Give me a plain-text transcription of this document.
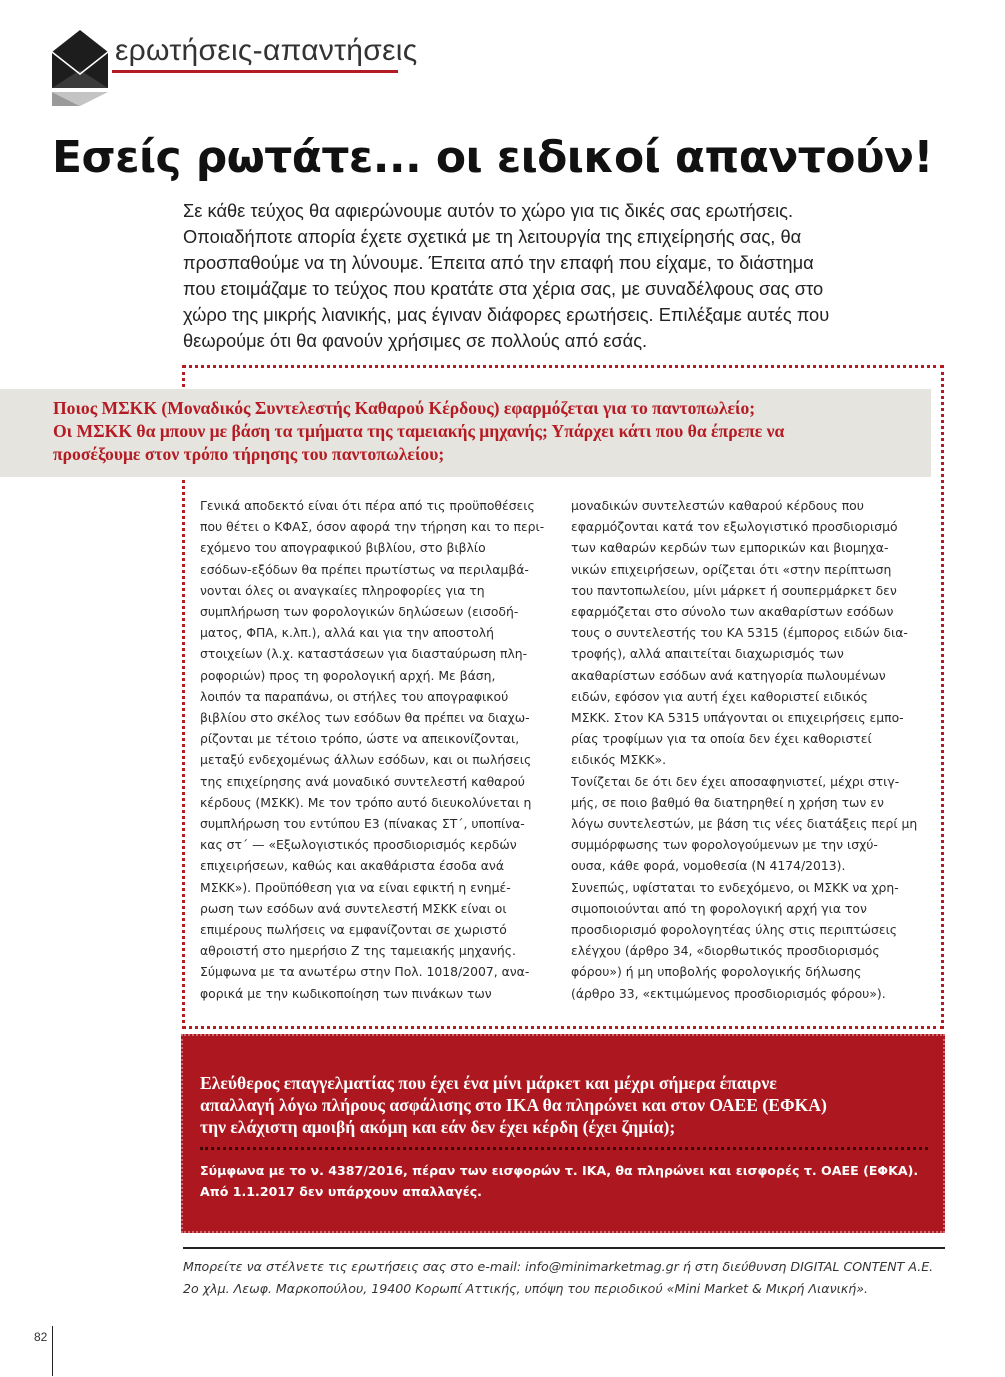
ερωτήσεις-απαντήσεις
Εσείς ρωτάτε... οι ειδικοί απαντούν!
Σε κάθε τεύχος θα αφιερώνουμε αυτόν το χώρο για τις δικές σας ερωτήσεις.
Οποιαδήποτε απορία έχετε σχετικά με τη λειτουργία της επιχείρησής σας, θα
προσπαθούμε να τη λύνουμε. Έπειτα από την επαφή που είχαμε, το διάστημα
που ετοιμάζαμε το τεύχος που κρατάτε στα χέρια σας, με συναδέλφους σας στο
χώρο της μικρής λιανικής, μας έγιναν διάφορες ερωτήσεις. Επιλέξαμε αυτές που
θεωρούμε ότι θα φανούν χρήσιμες σε πολλούς από εσάς.
Ποιος ΜΣΚΚ (Μοναδικός Συντελεστής Καθαρού Κέρδους) εφαρμόζεται για το παντοπωλείο;
Οι ΜΣΚΚ θα μπουν με βάση τα τμήματα της ταμειακής μηχανής; Υπάρχει κάτι που θα έπρεπε να
προσέξουμε στον τρόπο τήρησης του παντοπωλείου;
Γενικά αποδεκτό είναι ότι πέρα από τις προϋποθέσεις
που θέτει ο ΚΦΑΣ, όσον αφορά την τήρηση και το περι-
εχόμενο του απογραφικού βιβλίου, στο βιβλίο
εσόδων-εξόδων θα πρέπει πρωτίστως να περιλαμβά-
νονται όλες οι αναγκαίες πληροφορίες για τη
συμπλήρωση των φορολογικών δηλώσεων (εισοδή-
ματος, ΦΠΑ, κ.λπ.), αλλά και για την αποστολή
στοιχείων (λ.χ. καταστάσεων για διασταύρωση πλη-
ροφοριών) προς τη φορολογική αρχή. Με βάση,
λοιπόν τα παραπάνω, οι στήλες του απογραφικού
βιβλίου στο σκέλος των εσόδων θα πρέπει να διαχω-
ρίζονται με τέτοιο τρόπο, ώστε να απεικονίζονται,
μεταξύ ενδεχομένως άλλων εσόδων, και οι πωλήσεις
της επιχείρησης ανά μοναδικό συντελεστή καθαρού
κέρδους (ΜΣΚΚ). Με τον τρόπο αυτό διευκολύνεται η
συμπλήρωση του εντύπου Ε3 (πίνακας ΣΤ΄, υποπίνα-
κας στ΄ — «Εξωλογιστικός προσδιορισμός κερδών
επιχειρήσεων, καθώς και ακαθάριστα έσοδα ανά
ΜΣΚΚ»). Προϋπόθεση για να είναι εφικτή η ενημέ-
ρωση των εσόδων ανά συντελεστή ΜΣΚΚ είναι οι
επιμέρους πωλήσεις να εμφανίζονται σε χωριστό
αθροιστή στο ημερήσιο Ζ της ταμειακής μηχανής.
Σύμφωνα με τα ανωτέρω στην Πολ. 1018/2007, ανα-
φορικά με την κωδικοποίηση των πινάκων των
μοναδικών συντελεστών καθαρού κέρδους που
εφαρμόζονται κατά τον εξωλογιστικό προσδιορισμό
των καθαρών κερδών των εμπορικών και βιομηχα-
νικών επιχειρήσεων, ορίζεται ότι «στην περίπτωση
του παντοπωλείου, μίνι μάρκετ ή σουπερμάρκετ δεν
εφαρμόζεται στο σύνολο των ακαθαρίστων εσόδων
τους ο συντελεστής του ΚΑ 5315 (έμπορος ειδών δια-
τροφής), αλλά απαιτείται διαχωρισμός των
ακαθαρίστων εσόδων ανά κατηγορία πωλουμένων
ειδών, εφόσον για αυτή έχει καθοριστεί ειδικός
ΜΣΚΚ. Στον ΚΑ 5315 υπάγονται οι επιχειρήσεις εμπο-
ρίας τροφίμων για τα οποία δεν έχει καθοριστεί
ειδικός ΜΣΚΚ».
Τονίζεται δε ότι δεν έχει αποσαφηνιστεί, μέχρι στιγ-
μής, σε ποιο βαθμό θα διατηρηθεί η χρήση των εν
λόγω συντελεστών, με βάση τις νέες διατάξεις περί μη
συμμόρφωσης των φορολογούμενων με την ισχύ-
ουσα, κάθε φορά, νομοθεσία (Ν 4174/2013).
Συνεπώς, υφίσταται το ενδεχόμενο, οι ΜΣΚΚ να χρη-
σιμοποιούνται από τη φορολογική αρχή για τον
προσδιορισμό φορολογητέας ύλης στις περιπτώσεις
ελέγχου (άρθρο 34, «διορθωτικός προσδιορισμός
φόρου») ή μη υποβολής φορολογικής δήλωσης
(άρθρο 33, «εκτιμώμενος προσδιορισμός φόρου»).
Ελεύθερος επαγγελματίας που έχει ένα μίνι μάρκετ και μέχρι σήμερα έπαιρνε
απαλλαγή λόγω πλήρους ασφάλισης στο ΙΚΑ θα πληρώνει και στον ΟΑΕΕ (ΕΦΚΑ)
την ελάχιστη αμοιβή ακόμη και εάν δεν έχει κέρδη (έχει ζημία);
Σύμφωνα με το ν. 4387/2016, πέραν των εισφορών τ. ΙΚΑ, θα πληρώνει και εισφορές τ. ΟΑΕΕ (ΕΦΚΑ).
Από 1.1.2017 δεν υπάρχουν απαλλαγές.
Μπορείτε να στέλνετε τις ερωτήσεις σας στο e-mail: info@minimarketmag.gr ή στη διεύθυνση DIGITAL CONTENT A.E.
2ο χλμ. Λεωφ. Μαρκοπούλου, 19400 Κορωπί Αττικής, υπόψη του περιοδικού «Mini Market & Μικρή Λιανική».
82
